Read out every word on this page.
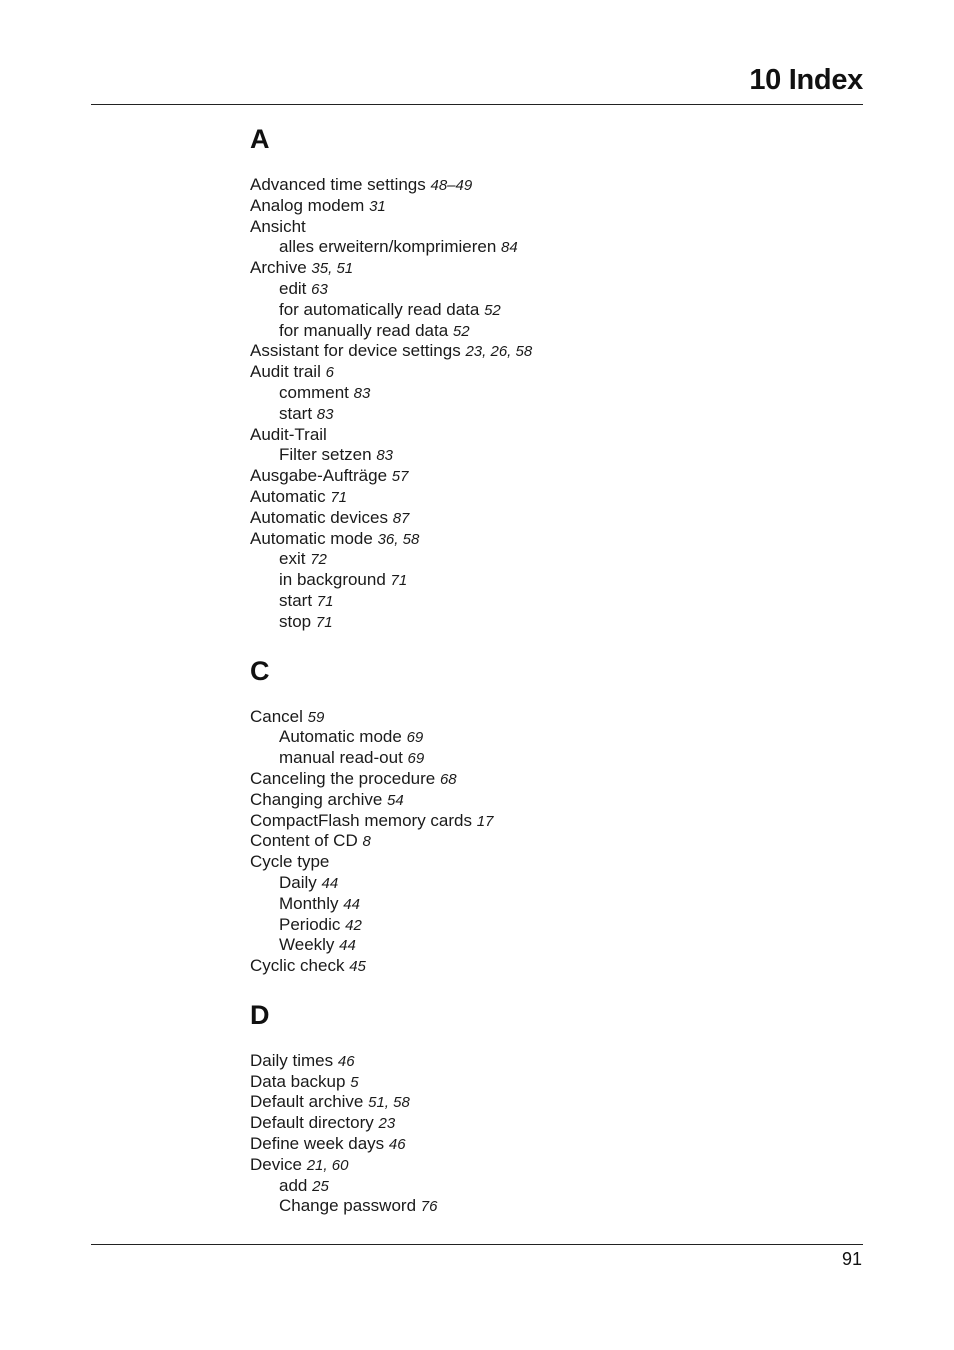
10 Index
A
Advanced time settings 48–49
Analog modem 31
Ansicht
alles erweitern/komprimieren 84
Archive 35, 51
edit 63
for automatically read data 52
for manually read data 52
Assistant for device settings 23, 26, 58
Audit trail 6
comment 83
start 83
Audit-Trail
Filter setzen 83
Ausgabe-Aufträge 57
Automatic 71
Automatic devices 87
Automatic mode 36, 58
exit 72
in background 71
start 71
stop 71
C
Cancel 59
Automatic mode 69
manual read-out 69
Canceling the procedure 68
Changing archive 54
CompactFlash memory cards 17
Content of CD 8
Cycle type
Daily 44
Monthly 44
Periodic 42
Weekly 44
Cyclic check 45
D
Daily times 46
Data backup 5
Default archive 51, 58
Default directory 23
Define week days 46
Device 21, 60
add 25
Change password 76
91
